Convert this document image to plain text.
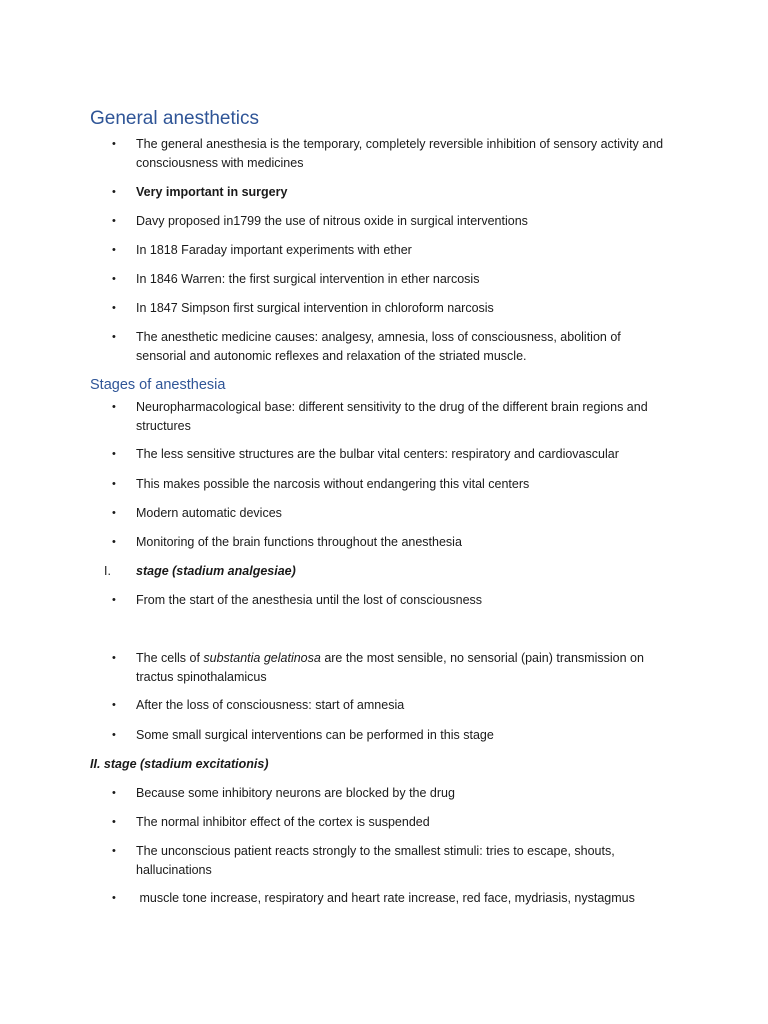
General anesthetics
•	The general anesthesia is the temporary, completely reversible inhibition of sensory activity and consciousness with medicines
•	Very important in surgery
•	Davy proposed in1799 the use of nitrous oxide in surgical interventions
•	In 1818 Faraday important experiments with ether
•	In 1846 Warren: the first surgical intervention in ether narcosis
•	In 1847 Simpson first surgical intervention in chloroform narcosis
•	The anesthetic medicine causes: analgesy, amnesia, loss of consciousness, abolition of sensorial and autonomic reflexes and relaxation of the striated muscle.
Stages of anesthesia
•	Neuropharmacological base: different sensitivity to the drug of the different brain regions and structures
•	The less sensitive structures are the bulbar vital centers: respiratory and cardiovascular
•	This makes possible the narcosis without endangering this vital centers
•	Modern automatic devices
•	Monitoring of the brain functions throughout the anesthesia
I.	stage (stadium analgesiae)
•	From the start of the anesthesia until the lost of consciousness
•	The cells of substantia gelatinosa are the most sensible, no sensorial (pain) transmission on tractus spinothalamicus
•	After the loss of consciousness: start of amnesia
•	Some small surgical interventions can be performed in this stage
II. stage (stadium excitationis)
•	Because some inhibitory neurons are blocked by the drug
•	The normal inhibitor effect of the cortex is suspended
•	The unconscious patient reacts strongly to the smallest stimuli: tries to escape, shouts, hallucinations
•	muscle tone increase, respiratory and heart rate increase, red face, mydriasis, nystagmus
